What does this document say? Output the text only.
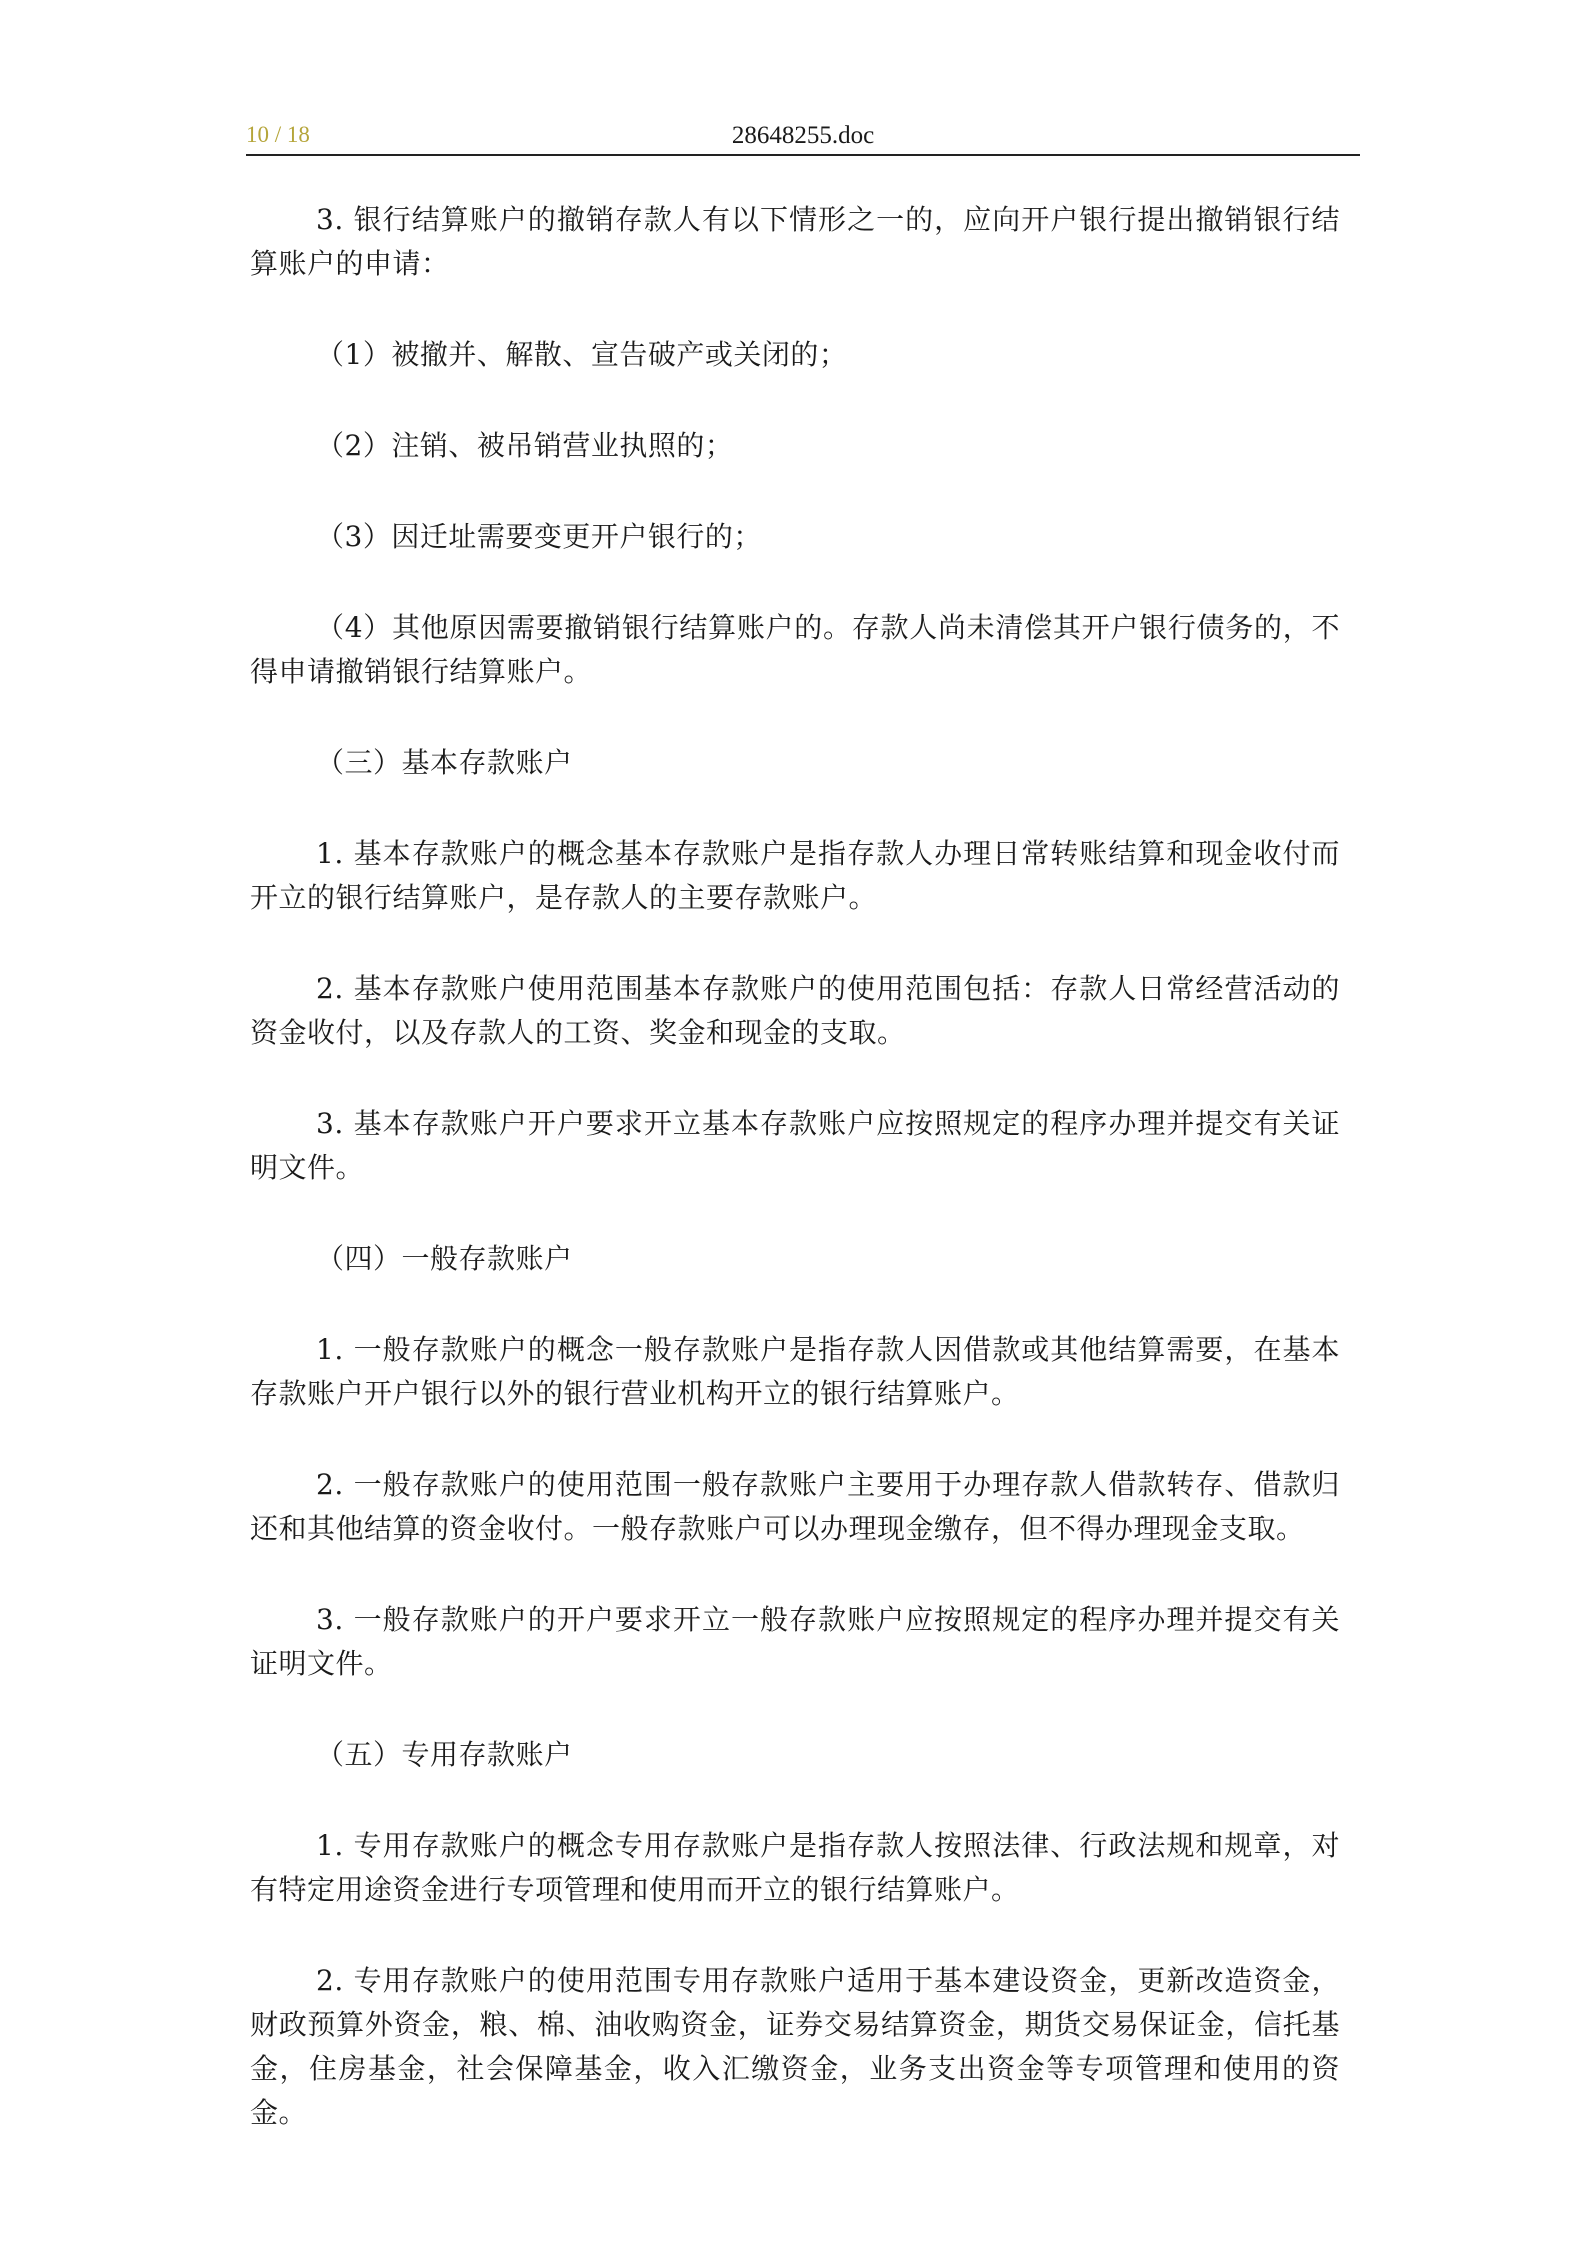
10 / 18	28648255.doc

3. 银行结算账户的撤销存款人有以下情形之一的，应向开户银行提出撤销银行结算账户的申请：

（1）被撤并、解散、宣告破产或关闭的；

（2）注销、被吊销营业执照的；

（3）因迁址需要变更开户银行的；

（4）其他原因需要撤销银行结算账户的。存款人尚未清偿其开户银行债务的，不得申请撤销银行结算账户。

（三）基本存款账户

1. 基本存款账户的概念基本存款账户是指存款人办理日常转账结算和现金收付而开立的银行结算账户，是存款人的主要存款账户。

2. 基本存款账户使用范围基本存款账户的使用范围包括：存款人日常经营活动的资金收付，以及存款人的工资、奖金和现金的支取。

3. 基本存款账户开户要求开立基本存款账户应按照规定的程序办理并提交有关证明文件。

（四）一般存款账户

1. 一般存款账户的概念一般存款账户是指存款人因借款或其他结算需要，在基本存款账户开户银行以外的银行营业机构开立的银行结算账户。

2. 一般存款账户的使用范围一般存款账户主要用于办理存款人借款转存、借款归还和其他结算的资金收付。一般存款账户可以办理现金缴存，但不得办理现金支取。

3. 一般存款账户的开户要求开立一般存款账户应按照规定的程序办理并提交有关证明文件。

（五）专用存款账户

1. 专用存款账户的概念专用存款账户是指存款人按照法律、行政法规和规章，对有特定用途资金进行专项管理和使用而开立的银行结算账户。

2. 专用存款账户的使用范围专用存款账户适用于基本建设资金，更新改造资金，财政预算外资金，粮、棉、油收购资金，证券交易结算资金，期货交易保证金，信托基金，住房基金，社会保障基金，收入汇缴资金，业务支出资金等专项管理和使用的资金。
